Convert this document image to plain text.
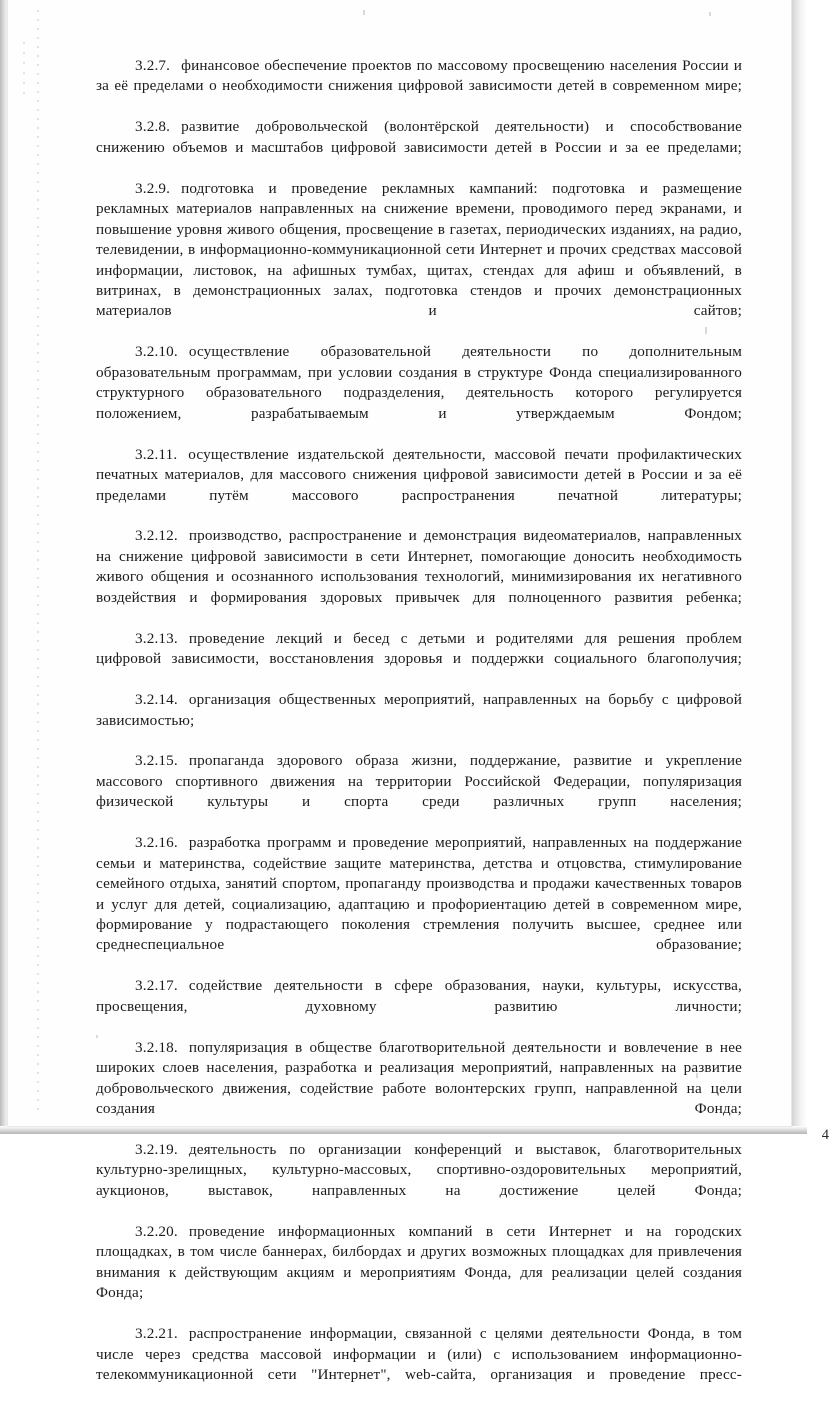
3.2.7. финансовое обеспечение проектов по массовому просвещению населения России и за её пределами о необходимости снижения цифровой зависимости детей в современном мире;

3.2.8. развитие добровольческой (волонтёрской деятельности) и способствование снижению объемов и масштабов цифровой зависимости детей в России и за ее пределами;

3.2.9. подготовка и проведение рекламных кампаний: подготовка и размещение рекламных материалов направленных на снижение времени, проводимого перед экранами, и повышение уровня живого общения, просвещение в газетах, периодических изданиях, на радио, телевидении, в информационно-коммуникационной сети Интернет и прочих средствах массовой информации, листовок, на афишных тумбах, щитах, стендах для афиш и объявлений, в витринах, в демонстрационных залах, подготовка стендов и прочих демонстрационных материалов и сайтов;

3.2.10. осуществление образовательной деятельности по дополнительным образовательным программам, при условии создания в структуре Фонда специализированного структурного образовательного подразделения, деятельность которого регулируется положением, разрабатываемым и утверждаемым Фондом;

3.2.11. осуществление издательской деятельности, массовой печати профилактических печатных материалов, для массового снижения цифровой зависимости детей в России и за её пределами путём массового распространения печатной литературы;

3.2.12. производство, распространение и демонстрация видеоматериалов, направленных на снижение цифровой зависимости в сети Интернет, помогающие доносить необходимость живого общения и осознанного использования технологий, минимизирования их негативного воздействия и формирования здоровых привычек для полноценного развития ребенка;

3.2.13. проведение лекций и бесед с детьми и родителями для решения проблем цифровой зависимости, восстановления здоровья и поддержки социального благополучия;

3.2.14. организация общественных мероприятий, направленных на борьбу с цифровой зависимостью;

3.2.15. пропаганда здорового образа жизни, поддержание, развитие и укрепление массового спортивного движения на территории Российской Федерации, популяризация физической культуры и спорта среди различных групп населения;

3.2.16. разработка программ и проведение мероприятий, направленных на поддержание семьи и материнства, содействие защите материнства, детства и отцовства, стимулирование семейного отдыха, занятий спортом, пропаганду производства и продажи качественных товаров и услуг для детей, социализацию, адаптацию и профориентацию детей в современном мире, формирование у подрастающего поколения стремления получить высшее, среднее или среднеспециальное образование;

3.2.17. содействие деятельности в сфере образования, науки, культуры, искусства, просвещения, духовному развитию личности;

3.2.18. популяризация в обществе благотворительной деятельности и вовлечение в нее широких слоев населения, разработка и реализация мероприятий, направленных на развитие добровольческого движения, содействие работе волонтерских групп, направленной на цели создания Фонда;

3.2.19. деятельность по организации конференций и выставок, благотворительных культурно-зрелищных, культурно-массовых, спортивно-оздоровительных мероприятий, аукционов, выставок, направленных на достижение целей Фонда;

3.2.20. проведение информационных компаний в сети Интернет и на городских площадках, в том числе баннерах, билбордах и других возможных площадках для привлечения внимания к действующим акциям и мероприятиям Фонда, для реализации целей создания Фонда;

3.2.21. распространение информации, связанной с целями деятельности Фонда, в том числе через средства массовой информации и (или) с использованием информационно-телекоммуникационной сети "Интернет", web-сайта, организация и проведение пресс-

4
